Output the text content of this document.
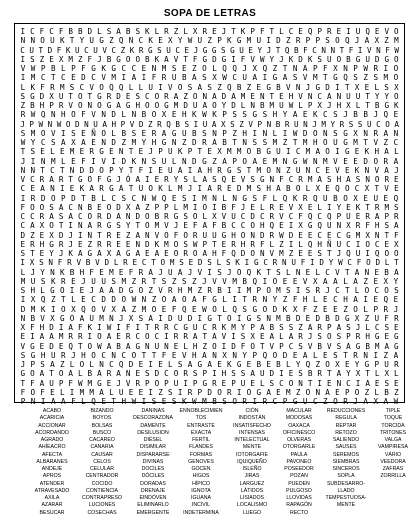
SOPA DE LETRAS
I C F C F B B D L S A B S K L R Z L X R E J T K P F T L C E Q P R E I U Q E V O
N N O U K T Y U G Z Q N C K E X Y W U Z P K G M U I D Z R P P S O Q J A X Z M
C U T D F K U C U V C Z K R G S U C E J G G S G U E Y J T Q B F C N N T F I V N F W
I S Z E X M Z F J B G O O B K A V T F G D G I F V W Y J K D K S U O B G U D G O
V W P B L P F G K G C C E N M S E Z O L Q Q J X Q Z T N A P F X N P W R I O
I M C T C E D C V M I A I F R U B A S X W C U A I G A S V M T G Q S Z S M O
L K F R M S C V O Q Q L L U I V O S A S Z Q B Z E G B V N J G D I T X E L S X
S G D X U T O T G R D E S C O R A Z O N A D A M E N T E H V N C A N U U T Y Y O
Z B H P R V O N O G A G H O O G M D U A O Y D L N B M U W L P X J H X L T B G K
R W Q N H O F V N D L N B O X E H K W K P S S G S H Y A E K C S J B B J Q E
J P W N W O D N U A H P V D Z R Q B S I U A X S Z V P N B R U N J M Y R S S U C O A
S M O V I S E Ñ O L B S E R A G U B S N P Z H I N L I W D O N S G X N R A N
W Y C S A X A E N D Z M Y H G N Z D R A B T N S S M Z T M H O U G M T V Z C
T S E L E M E R G E N T E J P U K P T E X M M O B G U I C M A O I G E K H A L
J I N M L E F I V I D K N S U L N D G Z A P O A E M N G W N M V E E D O R A
N N T C T N D D O P Y T F I E U A I A H R G S T M O N Z U N C E V E K N V A J
V C R A R T G O F G J Ó A I E R Y S L A S Q E V S G N F C R M A S H A S N O R E
C E A N I E K A R G A T U O K L M J I A R E D M S H A B O L X E Q O C X T V E
I R D O P D T B L C S C N W Q E S I M N L N G S F L Q K R Q U B O X E U E Q
F O O S A C N B E O D X A Z P P L M I O I B F J E L R E V X E L I Y E K T R M S
C C R A S A C O R D A N D O B R G S O L X V U C D C R V C F Q C Q P U E R A P R
C A X O T I N A R G S Y T O M V J E F A F B C C O H Q E I X G Q U N X R F H S A
D Z E X D J I N T R E Z A N V O F O R U U G H O N D R W D E E C E C G M X N T F
E R H G R J E Z R R E E N D K M O S W P T E R H R F L Z I L Q H Ñ U C I O C E X
S T E Y J K A G A X A G A E A E O R O A H F Q D O N V M Z E E S T J Q U I Q O O
I X S N F R V B V D L R E C T O M S E D S L S K I G C R N U F I D Y W C F O D L T
L J Y N K B H F E M E F R A J U A J V I S J O Q K T S L N E L C V T A N E B A
M U S K R E J U U S M Z R T S Z S Z J V V M B Q I O E E V X A A L A Z E X Y
S H L G O I E J A A D G O Z V R H M Z R B I I M P O M S I S R J C T L O C O S
I X Q Z T L E C D D O W N Z O A O A F G L I T R N Y Z F H L E C H A I E Q E
D M K I O X Q O V X A Z M O E F Q E W O L Q S G O D K X F Z E E Z O L P R J
N B V X G O A U M N J X S A I D U D I G T O I G S N M B D E D B D G X Z U F R
X F H D I A F K I W I F I T R R C G U C R K M Y P A B S S Z A R P A S J L C S E
E I A A M R R I O A E R C O C I R R A T A V I S X E A L A R J S O S P R H G E G
V G E D E Q T O W A B A G N U N E L H Z O I D F O T V P C S V B V S A G B M A G
S G H U R J H O C N C O T T F E V H A N X N Y P Q O D E A L E S T R N I Z A
J P S A Z L O L N C Q D E I E L S A G A E K G E B E B L Y Q Z O X E Y G P U R
G O A T O A L B A R A N E S D C O R S P I H S S A U D I E S B R T A Y X T L X L
T F A U P F W M G E J V R P O P U I P G R E P U E L S C O N T I E N C I A E S E
F O F E L I M M A L U E E I Z S I R P D O R I O G A E M Z O N A E P O Z L B Z
P N I A A F L Q E T H W I S E S K W M B S O R I R C P G U C Z O R J A X A W
ACABO
ACARICIA
ACCIONAR
ACORDANDO
AGRADO
AHÍEACRO
AFECTA
ALBARANES
ANDEJE
APROS
ATENDER
ATRAVESADO
AXILA
AZARAR
BESUCAR
BIZANDO
BOYOS
BOLSAS
BUSCO
CACAREO
CANARIA
CAUSAR
CELOS
CELULAR
CENTRADOR
COCIDO
CONTIENCIA
CONTRAPRESO
LUCIONES
COSECHAS
DANINAS
DESCORAZONA
DAMENTE
DESILUSION
DIÉSEL
DISIMILAR
DISPARARSE
DIVINAS
DOCILES
DÓCILES
DORADAS
DRENAJE
EINDÓVEN
ELIMINARLO
EMERGENTE
ENNOBLECIMIEN
TOS
ENTRASTE
EXACTA
FERTIL
FLANDES
FORMAS
GENOVES
GOCEN
HIGOS
HÍPICO
IGNOTA
IGUANA
INCIVIL
INDETERMINA
CIÓN
INDOSTÁN
INSATISFECHO
INTENSAS
INTELECTUAL
MENTE
IOTORGAFIE
IQUIQUEÑO
ISLEÑO
JIRAS
LARGUEZ
LÁTIDOS
LISIADOS
LOCALISMO
LUEGO
MACULAR
MODOSAS
OAXACA
OFICINESCO
OLVERAS
OTORGARLE
PAULA
PAVONEO
POSEEDOR
POZAN
PUEDEN
PULGOSO
LLOVIDAS
RAPAGÓN
RECTO
REDUCCIONES
REGULA
REPTAR
RETOZO
SALIENDO
SAUSES
SEREMOS
SIEMBRAS
SINCEROS
SOPLA
SUBDESARRO-
LLADO
TEMPESTUOSA-
MENTE
TIPLE
TOQUE
TORCIDA
TRITONES
VALGA
VAMPIRESA
VÁRIO
VEEDORA
ZAFRAS
ZORRILLA
